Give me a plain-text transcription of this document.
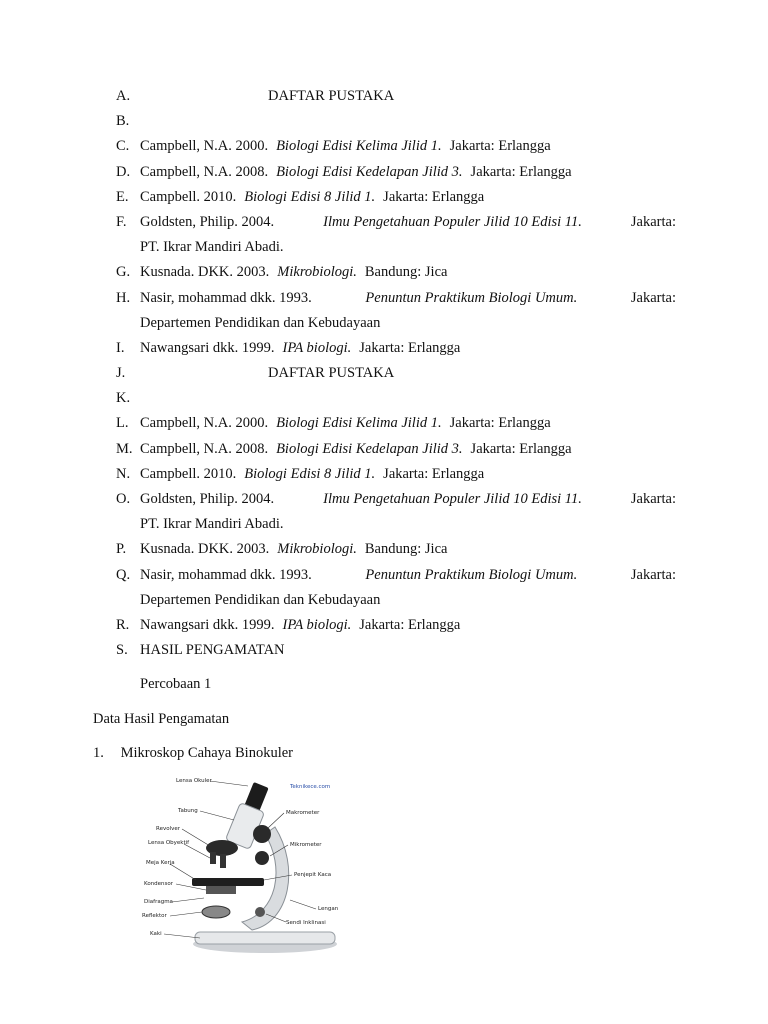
A.	DAFTAR PUSTAKA
B.
C. Campbell, N.A. 2000. Biologi Edisi Kelima Jilid 1. Jakarta: Erlangga
D. Campbell, N.A. 2008. Biologi Edisi Kedelapan Jilid 3. Jakarta: Erlangga
E. Campbell. 2010. Biologi Edisi 8 Jilid 1. Jakarta: Erlangga
F. Goldsten, Philip. 2004.	Ilmu Pengetahuan Populer Jilid 10 Edisi 11.	Jakarta:
PT. Ikrar Mandiri Abadi.
G. Kusnada. DKK. 2003. Mikrobiologi. Bandung: Jica
H. Nasir, mohammad dkk. 1993.	Penuntun Praktikum Biologi Umum.	Jakarta:
Departemen Pendidikan dan Kebudayaan
I.	Nawangsari dkk. 1999. IPA biologi. Jakarta: Erlangga
J.	DAFTAR PUSTAKA
K.
L. Campbell, N.A. 2000. Biologi Edisi Kelima Jilid 1. Jakarta: Erlangga
M. Campbell, N.A. 2008. Biologi Edisi Kedelapan Jilid 3. Jakarta: Erlangga
N. Campbell. 2010. Biologi Edisi 8 Jilid 1. Jakarta: Erlangga
O. Goldsten, Philip. 2004.	Ilmu Pengetahuan Populer Jilid 10 Edisi 11.	Jakarta:
PT. Ikrar Mandiri Abadi.
P. Kusnada. DKK. 2003. Mikrobiologi. Bandung: Jica
Q. Nasir, mohammad dkk. 1993.	Penuntun Praktikum Biologi Umum.	Jakarta:
Departemen Pendidikan dan Kebudayaan
R. Nawangsari dkk. 1999. IPA biologi. Jakarta: Erlangga
S. HASIL PENGAMATAN
Percobaan 1
Data Hasil Pengamatan
1. Mikroskop Cahaya Binokuler
Lensa Okuler
Tabung
Revolver
Lensa Obyektif
Meja Kerja
Kondensor
Diafragma
Reflektor
Kaki
Teknikece.com
Makrometer
Mikrometer
Penjepit Kaca
Lengan
Sendi Inklinasi
